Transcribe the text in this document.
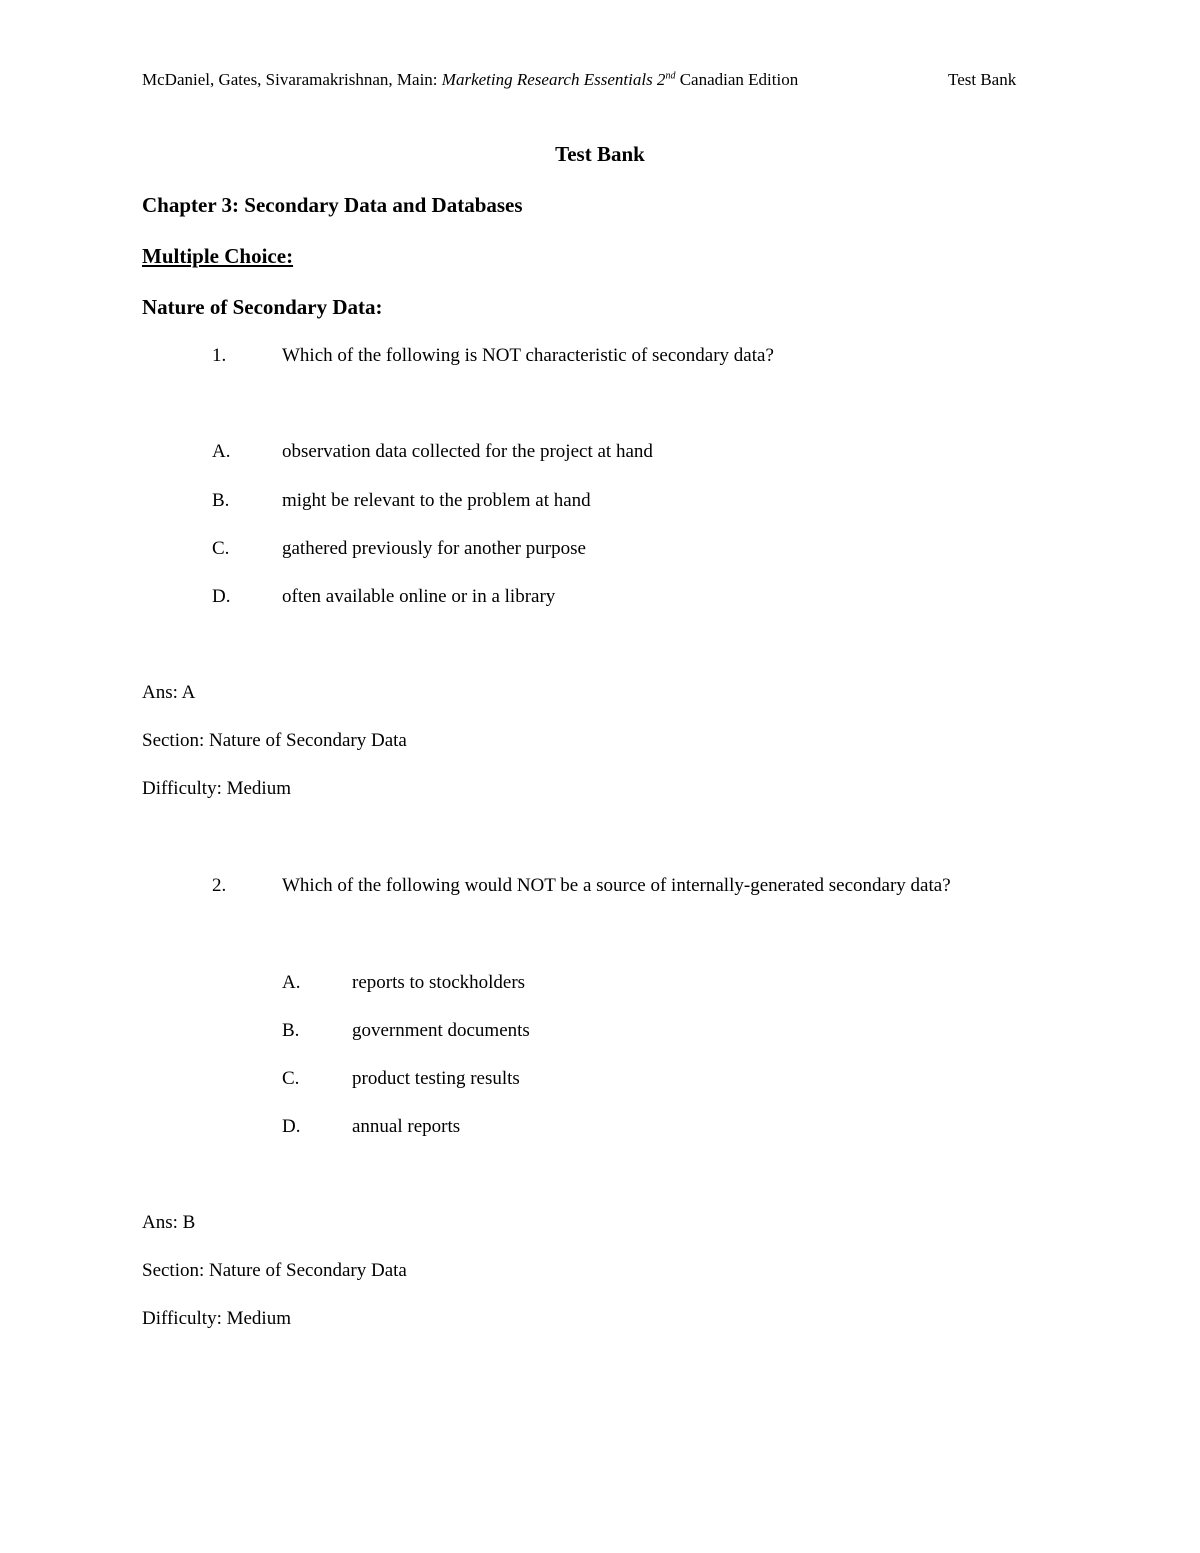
McDaniel, Gates, Sivaramakrishnan, Main: Marketing Research Essentials 2nd Canadian Edition	Test Bank
Test Bank
Chapter 3: Secondary Data and Databases
Multiple Choice:
Nature of Secondary Data:
1.	Which of the following is NOT characteristic of secondary data?
A.	observation data collected for the project at hand
B.	might be relevant to the problem at hand
C.	gathered previously for another purpose
D.	often available online or in a library
Ans: A
Section: Nature of Secondary Data
Difficulty: Medium
2.	Which of the following would NOT be a source of internally-generated secondary data?
A.	reports to stockholders
B.	government documents
C.	product testing results
D.	annual reports
Ans: B
Section: Nature of Secondary Data
Difficulty: Medium
